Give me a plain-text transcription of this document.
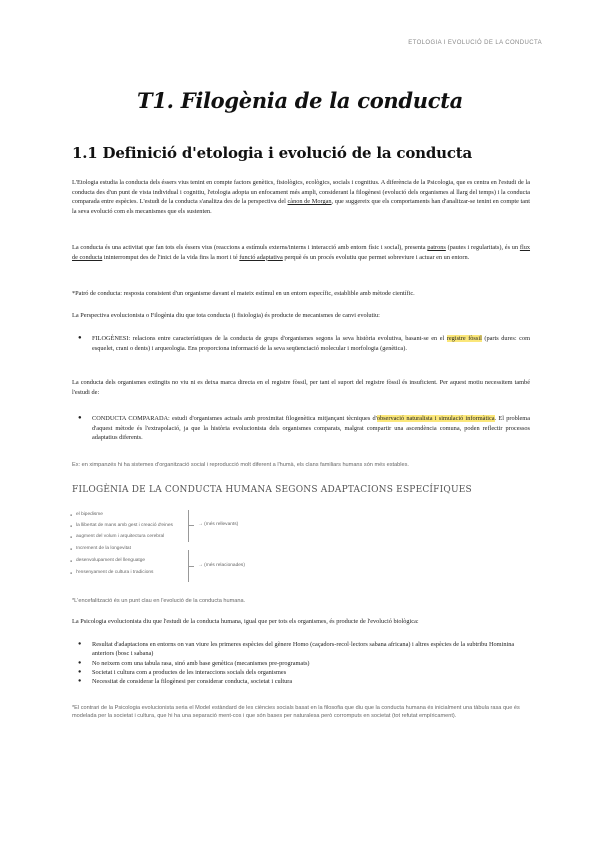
ETOLOGIA I EVOLUCIÓ DE LA CONDUCTA
T1. Filogènia de la conducta
1.1 Definició d'etologia i evolució de la conducta
L'Etologia estudia la conducta dels éssers vius tenint en compte factors genètics, fisiològics, ecològics, socials i cognitius. A diferència de la Psicologia, que es centra en l'estudi de la conducta des d'un punt de vista individual i cognitiu, l'etologia adopta un enfocament més ampli, considerant la filogènesi (evolució dels organismes al llarg del temps) i la conducta comparada entre espècies. L'estudi de la conducta s'analitza des de la perspectiva del cànon de Morgan, que suggereix que els comportaments han d'analitzar-se tenint en compte tant la seva evolució com els mecanismes que els sustenten.
La conducta és una activitat que fan tots els éssers vius (reaccions a estímuls externs/interns i interacció amb entorn físic i social), presenta patrons (pautes i regularitats), és un flux de conducta ininterromput des de l'inici de la vida fins la mort i té funció adaptativa perquè és un procés evolutiu que permet sobreviure i actuar en un entorn.
*Patró de conducta: resposta consistent d'un organisme davant el mateix estímul en un entorn específic, establible amb mètode científic.
La Perspectiva evolucionista o Filogènia diu que tota conducta (i fisiologia) és producte de mecanismes de canvi evolutiu:
● FILOGÈNESI: relacions entre característiques de la conducta de grups d'organismes segons la seva història evolutiva, basant-se en el registre fòssil (parts dures: com esquelet, crani o dents) i arqueologia. Ens proporciona informació de la seva seqüenciació molecular i morfologia (genètica).
La conducta dels organismes extingits no viu ni es deixa marca directa en el registre fòssil, per tant el suport del registre fòssil és insuficient. Per aquest motiu necessitem també l'estudi de:
● CONDUCTA COMPARADA: estudi d'organismes actuals amb proximitat filogenètica mitjançant tècniques d'observació naturalista i simulació informàtica. El problema d'aquest mètode és l'extrapolació, ja que la història evolucionista dels organismes comparats, malgrat compartir una ascendència comuna, poden reflectir processos adaptatius diferents.
Ex: en ximpanzés hi ha sistemes d'organització social i reproducció molt diferent a l'humà, els clans familiars humans són més estables.
FILOGÈNIA DE LA CONDUCTA HUMANA SEGONS ADAPTACIONS ESPECÍFIQUES
● el bipedisme
● la llibertat de mans amb gest i creació d'eines
● augment del volum i arquitectura cerebral
● Increment de la longevitat
● desenvolupament del llenguatge
● l'ensenyament de cultura i tradicions
→ (més rellevants)
→ (més relacionades)
*L'encefalització és un punt clau en l'evolució de la conducta humana.
La Psicologia evolucionista diu que l'estudi de la conducta humana, igual que per tots els organismes, és producte de l'evolució biològica:
● Resultat d'adaptacions en entorns on van viure les primeres espècies del gènere Homo (caçadors-recol·lectors sabana africana) i altres espècies de la subtribu Hominina anteriors (bosc i sabana)
● No neixem com una tabula rasa, sinó amb base genètica (mecanismes pre-programats)
● Societat i cultura com a productes de les interaccions socials dels organismes
● Necessitat de considerar la filogènesi per considerar conducta, societat i cultura
*El contrari de la Psicologia evolucionista seria el Model estàndard de les ciències socials basat en la filosofia que diu que la conducta humana és inicialment una tàbula rasa que és modelada per la societat i cultura, que hi ha una separació ment-cos i que són bases per naturalesa però corromputs en societat (tot refutat empíricament).
